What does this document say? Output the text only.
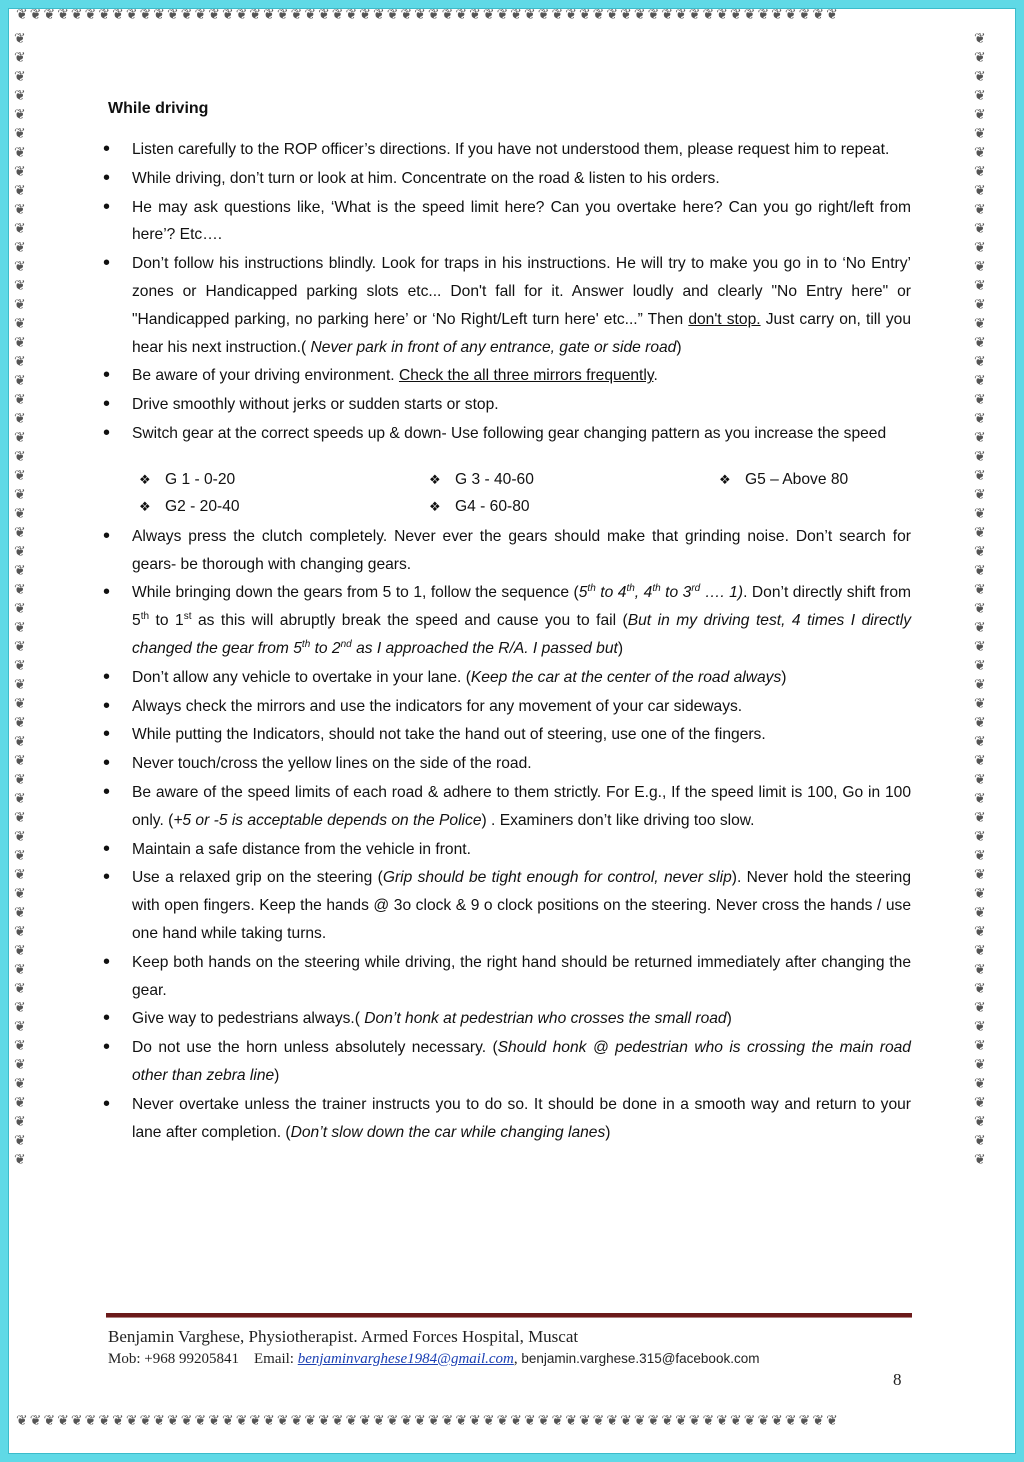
❦❦❦❦❦❦❦❦❦❦❦❦❦❦❦❦❦❦❦❦❦❦❦❦❦❦❦❦❦❦❦❦❦❦❦❦❦❦❦❦❦❦❦❦❦❦❦❦❦❦❦❦❦❦❦❦❦❦❦❦
❦❦❦❦❦❦❦❦❦❦❦❦❦❦❦❦❦❦❦❦❦❦❦❦❦❦❦❦❦❦❦❦❦❦❦❦❦❦❦❦❦❦❦❦❦❦❦❦❦❦❦❦❦❦❦❦❦❦❦❦
❦❦❦❦❦❦❦❦❦❦❦❦❦❦❦❦❦❦❦❦❦❦❦❦❦❦❦❦❦❦❦❦❦❦❦❦❦❦❦❦❦❦❦❦❦❦❦❦❦❦❦❦❦❦❦❦❦❦❦❦
❦❦❦❦❦❦❦❦❦❦❦❦❦❦❦❦❦❦❦❦❦❦❦❦❦❦❦❦❦❦❦❦❦❦❦❦❦❦❦❦❦❦❦❦❦❦❦❦❦❦❦❦❦❦❦❦❦❦❦❦
While driving
• Listen carefully to the ROP officer’s directions. If you have not understood them, please request him to repeat.
• While driving, don’t turn or look at him. Concentrate on the road & listen to his orders.
• He may ask questions like, ‘What is the speed limit here? Can you overtake here? Can you go right/left from here’? Etc….
• Don’t follow his instructions blindly. Look for traps in his instructions. He will try to make you go in to ‘No Entry’ zones or Handicapped parking slots etc... Don't fall for it. Answer loudly and clearly "No Entry here" or "Handicapped parking, no parking here’ or ‘No Right/Left turn here' etc...” Then don't stop. Just carry on, till you hear his next instruction.( Never park in front of any entrance, gate or side road)
• Be aware of your driving environment. Check the all three mirrors frequently.
• Drive smoothly without jerks or sudden starts or stop.
• Switch gear at the correct speeds up & down- Use following gear changing pattern as you increase the speed
❖ G 1 - 0-20	❖ G 3 - 40-60	❖ G5 – Above 80
❖ G2 - 20-40	❖ G4 - 60-80
• Always press the clutch completely. Never ever the gears should make that grinding noise. Don’t search for gears- be thorough with changing gears.
• While bringing down the gears from 5 to 1, follow the sequence (5th to 4th, 4th to 3rd …. 1). Don’t directly shift from 5th to 1st as this will abruptly break the speed and cause you to fail (But in my driving test, 4 times I directly changed the gear from 5th to 2nd as I approached the R/A. I passed but)
• Don’t allow any vehicle to overtake in your lane. (Keep the car at the center of the road always)
• Always check the mirrors and use the indicators for any movement of your car sideways.
• While putting the Indicators, should not take the hand out of steering, use one of the fingers.
• Never touch/cross the yellow lines on the side of the road.
• Be aware of the speed limits of each road & adhere to them strictly. For E.g., If the speed limit is 100, Go in 100 only. (+5 or -5 is acceptable depends on the Police) . Examiners don’t like driving too slow.
• Maintain a safe distance from the vehicle in front.
• Use a relaxed grip on the steering (Grip should be tight enough for control, never slip). Never hold the steering with open fingers. Keep the hands @ 3o clock & 9 o clock positions on the steering. Never cross the hands / use one hand while taking turns.
• Keep both hands on the steering while driving, the right hand should be returned immediately after changing the gear.
• Give way to pedestrians always.( Don’t honk at pedestrian who crosses the small road)
• Do not use the horn unless absolutely necessary. (Should honk @ pedestrian who is crossing the main road other than zebra line)
• Never overtake unless the trainer instructs you to do so. It should be done in a smooth way and return to your lane after completion. (Don’t slow down the car while changing lanes)
Benjamin Varghese, Physiotherapist. Armed Forces Hospital, Muscat
Mob: +968 99205841 Email: benjaminvarghese1984@gmail.com, benjamin.varghese.315@facebook.com
8
